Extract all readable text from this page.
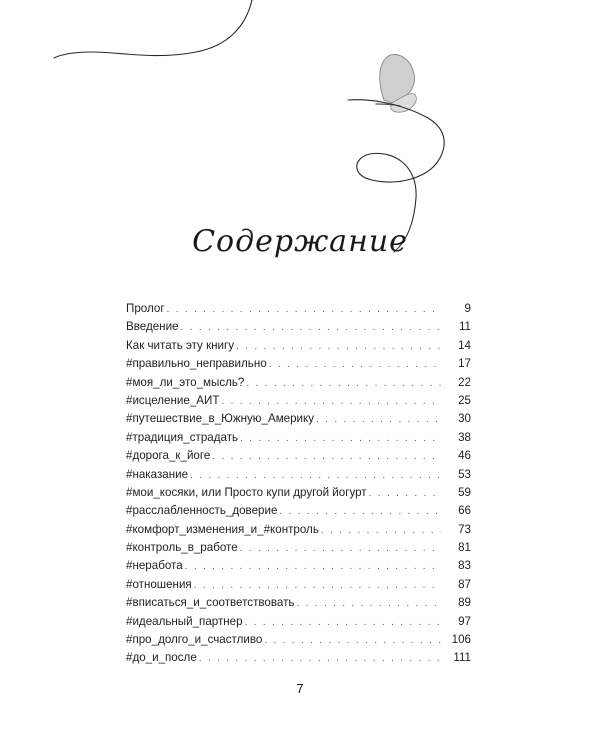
Содержание
Пролог . . .	9
Введение . . .	11
Как читать эту книгу . . .	14
#правильно_неправильно . . .	17
#моя_ли_это_мысль? . . .	22
#исцеление_АИТ . . .	25
#путешествие_в_Южную_Америку . . .	30
#традиция_страдать . . .	38
#дорога_к_йоге . . .	46
#наказание . . .	53
#мои_косяки, или Просто купи другой йогурт . . .	59
#расслабленность_доверие . . .	66
#комфорт_изменения_и_#контроль . . .	73
#контроль_в_работе . . .	81
#неработа . . .	83
#отношения . . .	87
#вписаться_и_соответствовать . . .	89
#идеальный_партнер . . .	97
#про_долго_и_счастливо . . .	106
#до_и_после . . .	111
7
